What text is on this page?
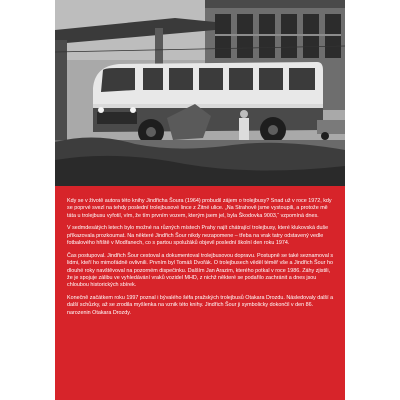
Kdy se v životě autora této knihy Jindřicha Šoura (1964) probudil zájem o trolejbusy? Snad už v roce 1972, kdy se poprvé svezl na tehdy poslední trolejbusové lince z Žitné ulice. „Na Strahově jsme vystoupili, a protože mě táta u trolejbusu vyfotil, vím, že tím prvním vozem, kterým jsem jel, byla Škodovka 9003,“ vzpomíná dnes.

V sedmdesátých letech bylo možné na různých místech Prahy najít chátrající trolejbusy, které klukovská duše příkazovala prozkoumat. Na některé Jindřich Šour nikdy nezapomene – třeba na vrak tatry odstavený vedle fotbalového hřiště v Modřanech, co s partou spolužáků objevil poslední školní den roku 1974.

Čas postupoval. Jindřich Šour cestoval a dokumentoval trolejbusovou dopravu. Postupně se také seznamoval s lidmi, kteří ho mimořádně ovlivnili. Prvním byl Tomáš Dvořák. O trolejbusech věděl téměř vše a Jindřich Šour ho dlouhé roky navštěvoval na pozorném dispečinku. Dalším Jan Arazim, kterého potkal v roce 1986. Záhy zjistili, že je spojuje zálibu ve vyhledávání vraků vozidel MHD, z nichž některé se podařilo zachránit a dnes jsou chloubou historických sbírek.

Konečně začátkem roku 1997 poznal i bývalého šéfa pražských trolejbusů Otakara Drozdu. Následovaly další a další schůzky, až se zrodila myšlenka na vznik této knihy. Jindřich Šour ji symbolicky dokončil v den 86. narozenin Otakara Drozdy.
